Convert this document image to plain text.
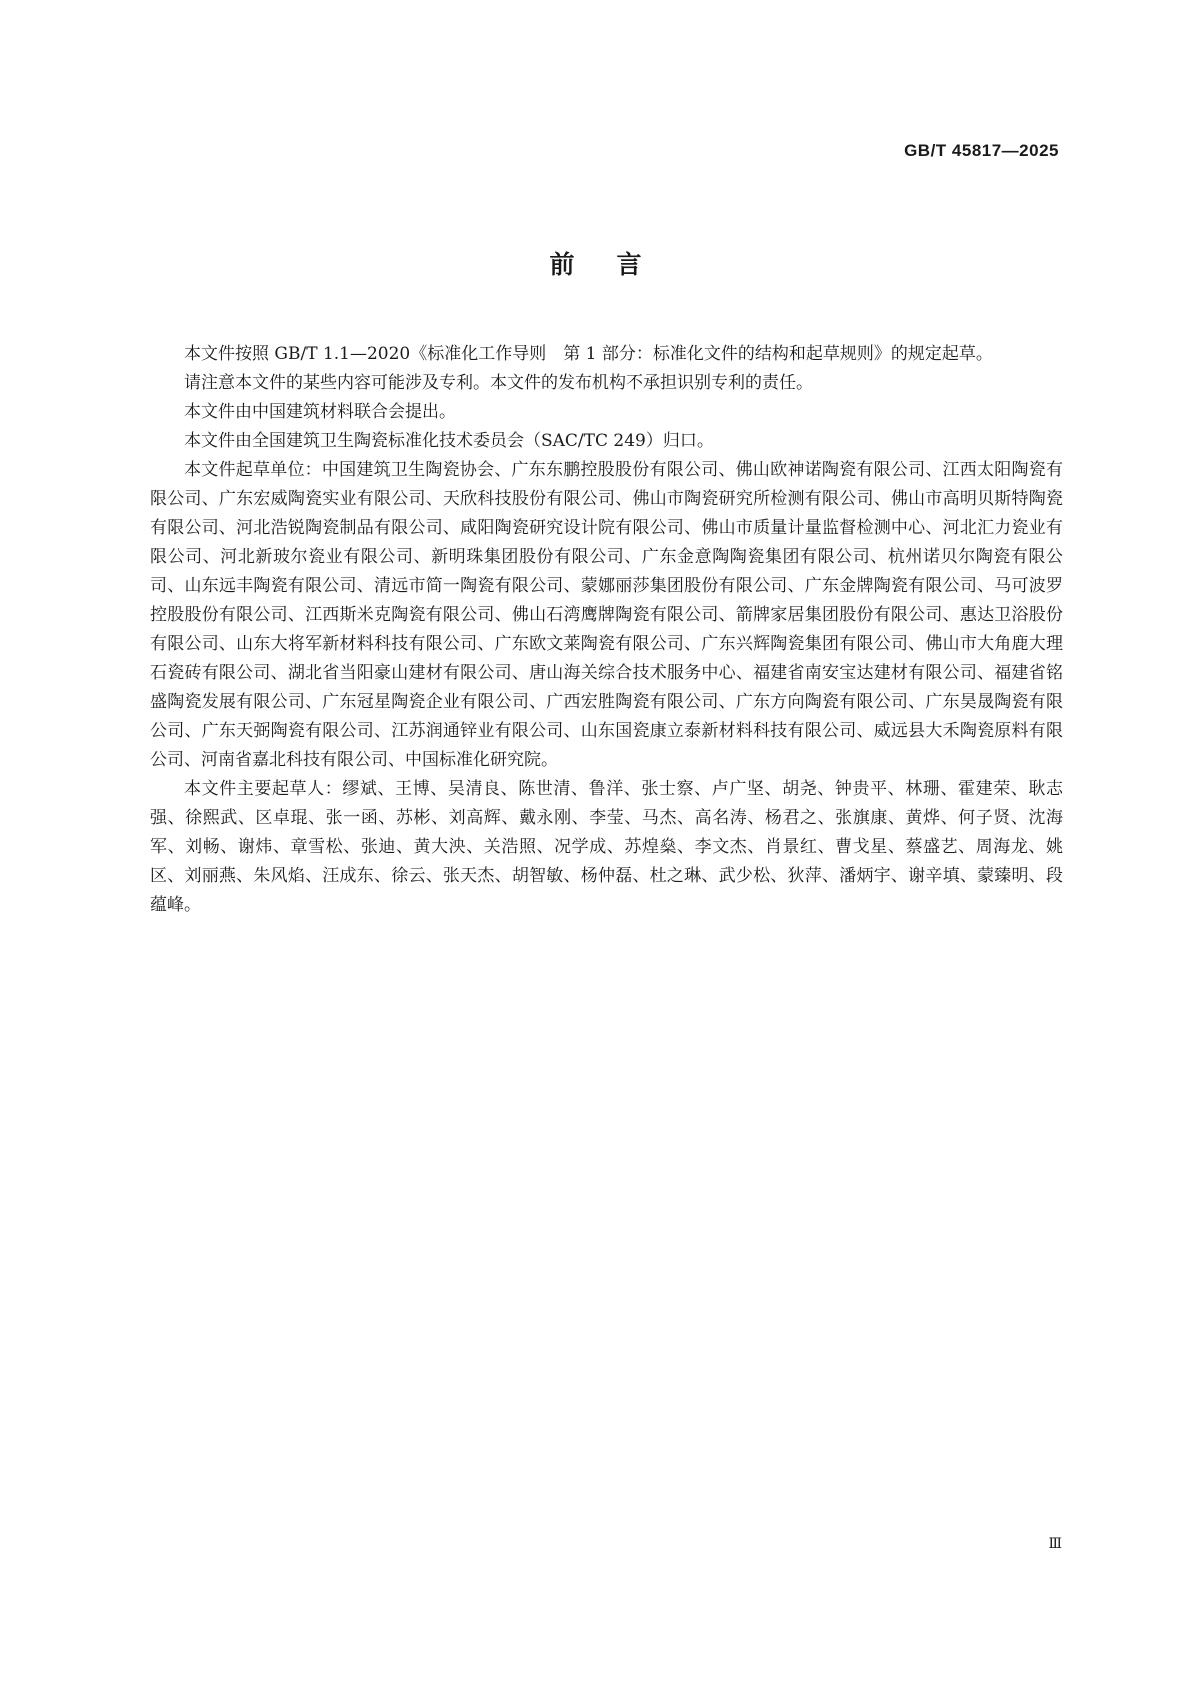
GB/T 45817—2025
前言

本文件按照 GB/T 1.1—2020《标准化工作导则　第 1 部分：标准化文件的结构和起草规则》的规定起草。

请注意本文件的某些内容可能涉及专利。本文件的发布机构不承担识别专利的责任。

本文件由中国建筑材料联合会提出。

本文件由全国建筑卫生陶瓷标准化技术委员会（SAC/TC 249）归口。

本文件起草单位：中国建筑卫生陶瓷协会、广东东鹏控股股份有限公司、佛山欧神诺陶瓷有限公司、江西太阳陶瓷有限公司、广东宏威陶瓷实业有限公司、天欣科技股份有限公司、佛山市陶瓷研究所检测有限公司、佛山市高明贝斯特陶瓷有限公司、河北浩锐陶瓷制品有限公司、咸阳陶瓷研究设计院有限公司、佛山市质量计量监督检测中心、河北汇力瓷业有限公司、河北新玻尔瓷业有限公司、新明珠集团股份有限公司、广东金意陶陶瓷集团有限公司、杭州诺贝尔陶瓷有限公司、山东远丰陶瓷有限公司、清远市简一陶瓷有限公司、蒙娜丽莎集团股份有限公司、广东金牌陶瓷有限公司、马可波罗控股股份有限公司、江西斯米克陶瓷有限公司、佛山石湾鹰牌陶瓷有限公司、箭牌家居集团股份有限公司、惠达卫浴股份有限公司、山东大将军新材料科技有限公司、广东欧文莱陶瓷有限公司、广东兴辉陶瓷集团有限公司、佛山市大角鹿大理石瓷砖有限公司、湖北省当阳豪山建材有限公司、唐山海关综合技术服务中心、福建省南安宝达建材有限公司、福建省铭盛陶瓷发展有限公司、广东冠星陶瓷企业有限公司、广西宏胜陶瓷有限公司、广东方向陶瓷有限公司、广东昊晟陶瓷有限公司、广东天弼陶瓷有限公司、江苏润通锌业有限公司、山东国瓷康立泰新材料科技有限公司、威远县大禾陶瓷原料有限公司、河南省嘉北科技有限公司、中国标准化研究院。

本文件主要起草人：缪斌、王博、吴清良、陈世清、鲁洋、张士察、卢广坚、胡尧、钟贵平、林珊、霍建荣、耿志强、徐熙武、区卓琨、张一函、苏彬、刘高辉、戴永刚、李莹、马杰、高名涛、杨君之、张旗康、黄烨、何子贤、沈海军、刘畅、谢炜、章雪松、张迪、黄大泱、关浩照、况学成、苏煌燊、李文杰、肖景红、曹戈星、蔡盛艺、周海龙、姚区、刘丽燕、朱风焰、汪成东、徐云、张天杰、胡智敏、杨仲磊、杜之琳、武少松、狄萍、潘炳宇、谢辛填、蒙臻明、段蕴峰。

Ⅲ
